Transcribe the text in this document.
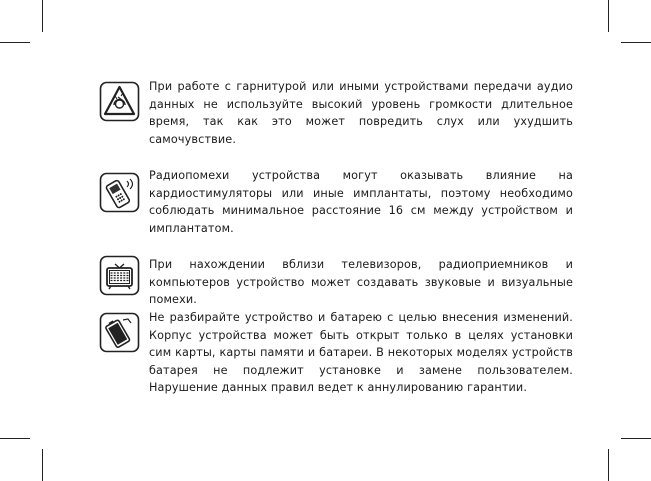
При работе с гарнитурой или иными устройствами передачи аудио данных не используйте высокий уровень громкости длительное время, так как это может повредить слух или ухудшить самочувствие.
Радиопомехи устройства могут оказывать влияние на кардиостимуляторы или иные имплантаты, поэтому необходимо соблюдать минимальное расстояние 16 см между устройством и имплантатом.
При нахождении вблизи телевизоров, радиоприемников и компьютеров устройство может создавать звуковые и визуальные помехи.
Не разбирайте устройство и батарею с целью внесения изменений. Корпус устройства может быть открыт только в целях установки сим карты, карты памяти и батареи. В некоторых моделях устройств батарея не подлежит установке и замене пользователем. Нарушение данных правил ведет к аннулированию гарантии.
